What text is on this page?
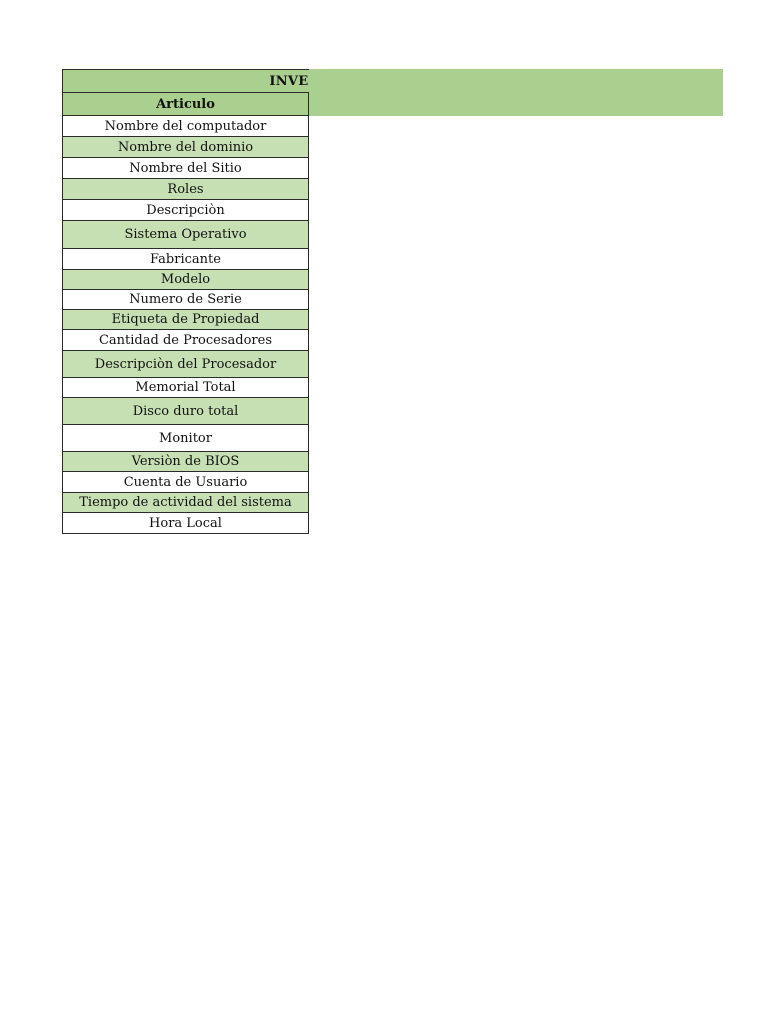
INVE
Articulo
Nombre del computador
Nombre del dominio
Nombre del Sitio
Roles
Descripciòn
Sistema Operativo
Fabricante
Modelo
Numero de Serie
Etiqueta de Propiedad
Cantidad de Procesadores
Descripciòn del Procesador
Memorial Total
Disco duro total
Monitor
Versiòn de BIOS
Cuenta de Usuario
Tiempo de actividad del sistema
Hora Local
